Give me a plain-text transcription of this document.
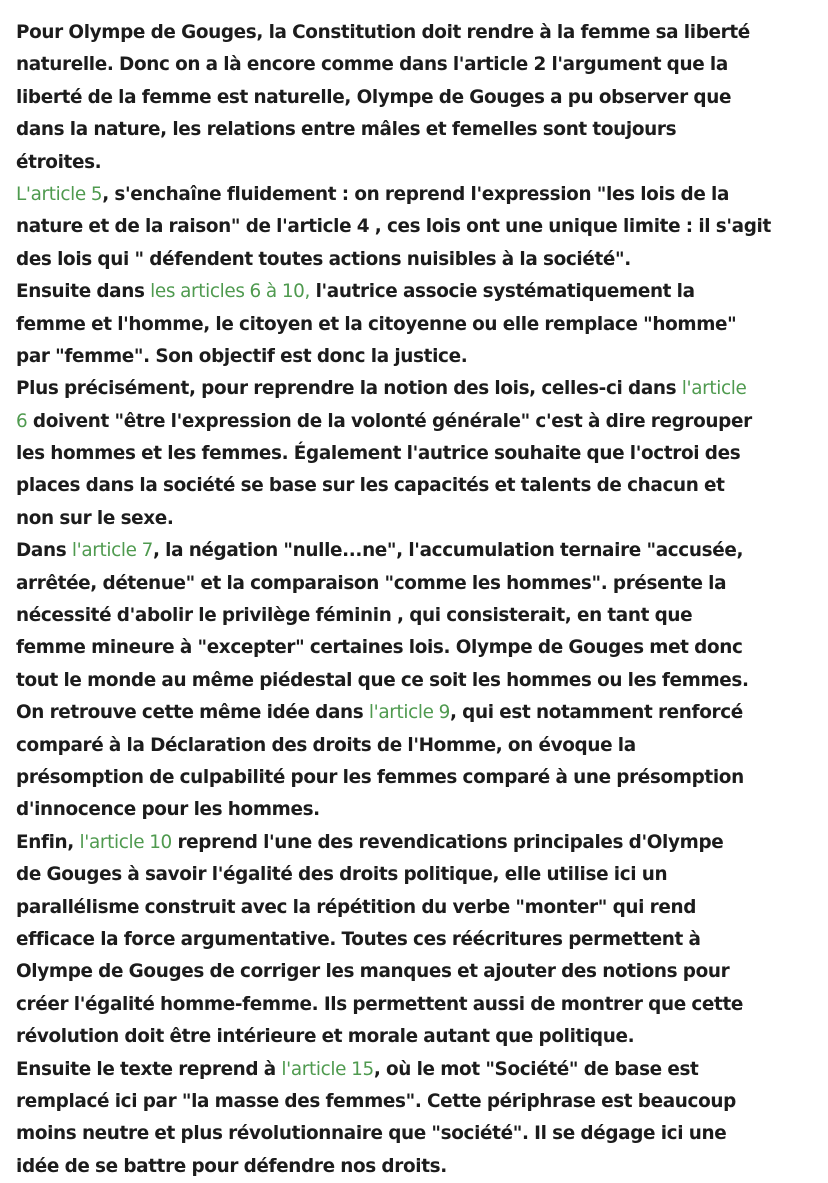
Pour Olympe de Gouges, la Constitution doit rendre à la femme sa liberté
naturelle. Donc on a là encore comme dans l'article 2 l'argument que la
liberté de la femme est naturelle, Olympe de Gouges a pu observer que
dans la nature, les relations entre mâles et femelles sont toujours
étroites.
L'article 5, s'enchaîne fluidement : on reprend l'expression "les lois de la
nature et de la raison" de l'article 4 , ces lois ont une unique limite : il s'agit
des lois qui " défendent toutes actions nuisibles à la société".
Ensuite dans les articles 6 à 10, l'autrice associe systématiquement la
femme et l'homme, le citoyen et la citoyenne ou elle remplace "homme"
par "femme". Son objectif est donc la justice.
Plus précisément, pour reprendre la notion des lois, celles-ci dans l'article
6 doivent "être l'expression de la volonté générale" c'est à dire regrouper
les hommes et les femmes. Également l'autrice souhaite que l'octroi des
places dans la société se base sur les capacités et talents de chacun et
non sur le sexe.
Dans l'article 7, la négation "nulle...ne", l'accumulation ternaire "accusée,
arrêtée, détenue" et la comparaison "comme les hommes". présente la
nécessité d'abolir le privilège féminin , qui consisterait, en tant que
femme mineure à "excepter" certaines lois. Olympe de Gouges met donc
tout le monde au même piédestal que ce soit les hommes ou les femmes.
On retrouve cette même idée dans l'article 9, qui est notamment renforcé
comparé à la Déclaration des droits de l'Homme, on évoque la
présomption de culpabilité pour les femmes comparé à une présomption
d'innocence pour les hommes.
Enfin, l'article 10 reprend l'une des revendications principales d'Olympe
de Gouges à savoir l'égalité des droits politique, elle utilise ici un
parallélisme construit avec la répétition du verbe "monter" qui rend
efficace la force argumentative. Toutes ces réécritures permettent à
Olympe de Gouges de corriger les manques et ajouter des notions pour
créer l'égalité homme-femme. Ils permettent aussi de montrer que cette
révolution doit être intérieure et morale autant que politique.
Ensuite le texte reprend à l'article 15, où le mot "Société" de base est
remplacé ici par "la masse des femmes". Cette périphrase est beaucoup
moins neutre et plus révolutionnaire que "société". Il se dégage ici une
idée de se battre pour défendre nos droits.
